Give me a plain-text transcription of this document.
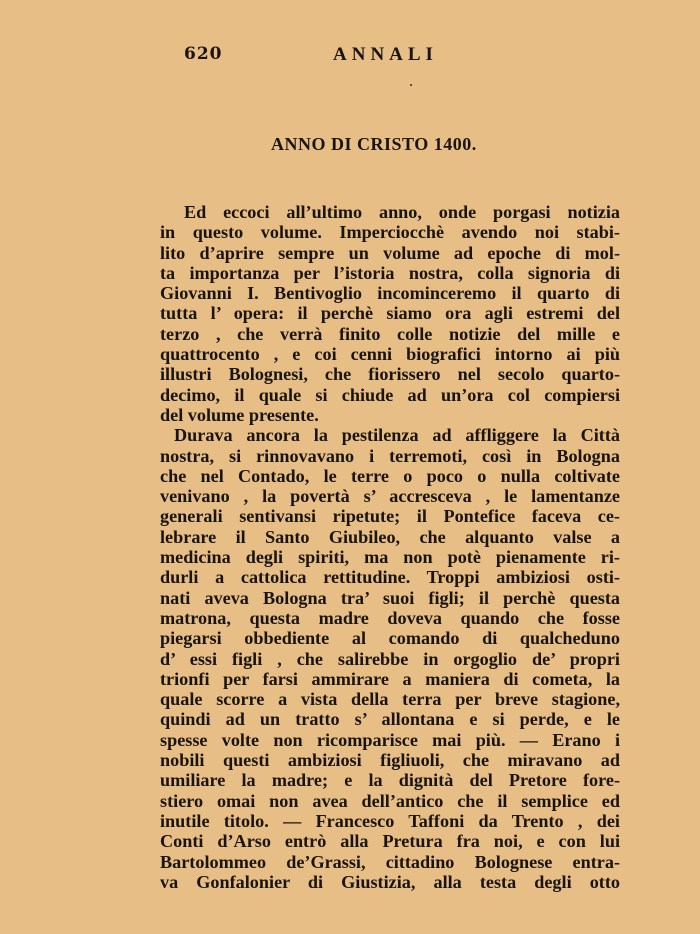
620	ANNALI
ANNO DI CRISTO 1400.
Ed eccoci all’ultimo anno, onde porgasi notizia
in questo volume. Imperciocchè avendo noi stabi-
lito d’aprire sempre un volume ad epoche di mol-
ta importanza per l’istoria nostra, colla signoria di
Giovanni I. Bentivoglio incominceremo il quarto di
tutta l’ opera: il perchè siamo ora agli estremi del
terzo , che verrà finito colle notizie del mille e
quattrocento , e coi cenni biografici intorno ai più
illustri Bolognesi, che fiorissero nel secolo quarto-
decimo, il quale si chiude ad un’ora col compiersi
del volume presente.
Durava ancora la pestilenza ad affliggere la Città
nostra, si rinnovavano i terremoti, così in Bologna
che nel Contado, le terre o poco o nulla coltivate
venivano , la povertà s’ accresceva , le lamentanze
generali sentivansi ripetute; il Pontefice faceva ce-
lebrare il Santo Giubileo, che alquanto valse a
medicina degli spiriti, ma non potè pienamente ri-
durli a cattolica rettitudine. Troppi ambiziosi osti-
nati aveva Bologna tra’ suoi figli; il perchè questa
matrona, questa madre doveva quando che fosse
piegarsi obbediente al comando di qualcheduno
d’ essi figli , che salirebbe in orgoglio de’ propri
trionfi per farsi ammirare a maniera di cometa, la
quale scorre a vista della terra per breve stagione,
quindi ad un tratto s’ allontana e si perde, e le
spesse volte non ricomparisce mai più. — Erano i
nobili questi ambiziosi figliuoli, che miravano ad
umiliare la madre; e la dignità del Pretore fore-
stiero omai non avea dell’antico che il semplice ed
inutile titolo. — Francesco Taffoni da Trento , dei
Conti d’Arso entrò alla Pretura fra noi, e con lui
Bartolommeo de’Grassi, cittadino Bolognese entra-
va Gonfalonier di Giustizia, alla testa degli otto
